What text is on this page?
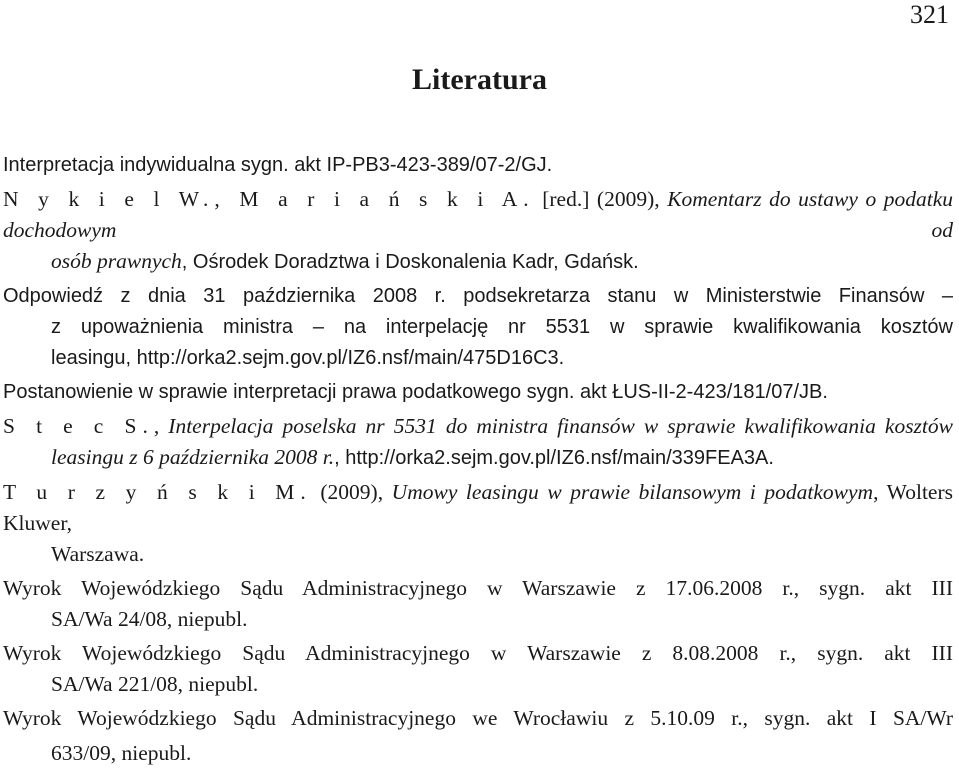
321
Literatura
Interpretacja indywidualna sygn. akt IP-PB3-423-389/07-2/GJ.
N y k i e l W., M a r i a ń s k i A. [red.] (2009), Komentarz do ustawy o podatku dochodowym od
osób prawnych, Ośrodek Doradztwa i Doskonalenia Kadr, Gdańsk.
Odpowiedź z dnia 31 października 2008 r. podsekretarza stanu w Ministerstwie Finansów –
z upoważnienia ministra – na interpelację nr 5531 w sprawie kwalifikowania kosztów
leasingu, http://orka2.sejm.gov.pl/IZ6.nsf/main/475D16C3.
Postanowienie w sprawie interpretacji prawa podatkowego sygn. akt ŁUS-II-2-423/181/07/JB.
S t e c S., Interpelacja poselska nr 5531 do ministra finansów w sprawie kwalifikowania kosztów
leasingu z 6 października 2008 r., http://orka2.sejm.gov.pl/IZ6.nsf/main/339FEA3A.
T u r z y ń s k i M. (2009), Umowy leasingu w prawie bilansowym i podatkowym, Wolters Kluwer,
Warszawa.
Wyrok Wojewódzkiego Sądu Administracyjnego w Warszawie z 17.06.2008 r., sygn. akt III
SA/Wa 24/08, niepubl.
Wyrok Wojewódzkiego Sądu Administracyjnego w Warszawie z 8.08.2008 r., sygn. akt III
SA/Wa 221/08, niepubl.
Wyrok Wojewódzkiego Sądu Administracyjnego we Wrocławiu z 5.10.09 r., sygn. akt I SA/Wr
633/09, niepubl.
